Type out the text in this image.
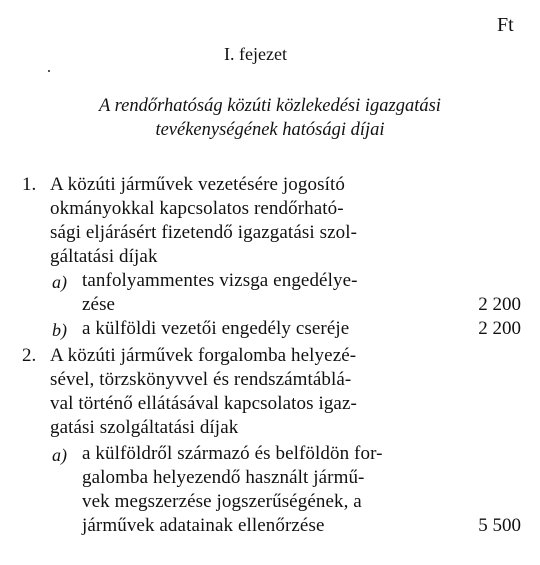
Ft
I. fejezet
A rendőrhatóság közúti közlekedési igazgatási
tevékenységének hatósági díjai
1. A közúti járművek vezetésére jogosító
okmányokkal kapcsolatos rendőrható-
sági eljárásért fizetendő igazgatási szol-
gáltatási díjak
a) tanfolyammentes vizsga engedélye-
zése	2 200
b) a külföldi vezetői engedély cseréje	2 200
2. A közúti járművek forgalomba helyezé-
sével, törzskönyvvel és rendszámtáblá-
val történő ellátásával kapcsolatos igaz-
gatási szolgáltatási díjak
a) a külföldről származó és belföldön for-
galomba helyezendő használt jármű-
vek megszerzése jogszerűségének, a
járművek adatainak ellenőrzése	5 500
